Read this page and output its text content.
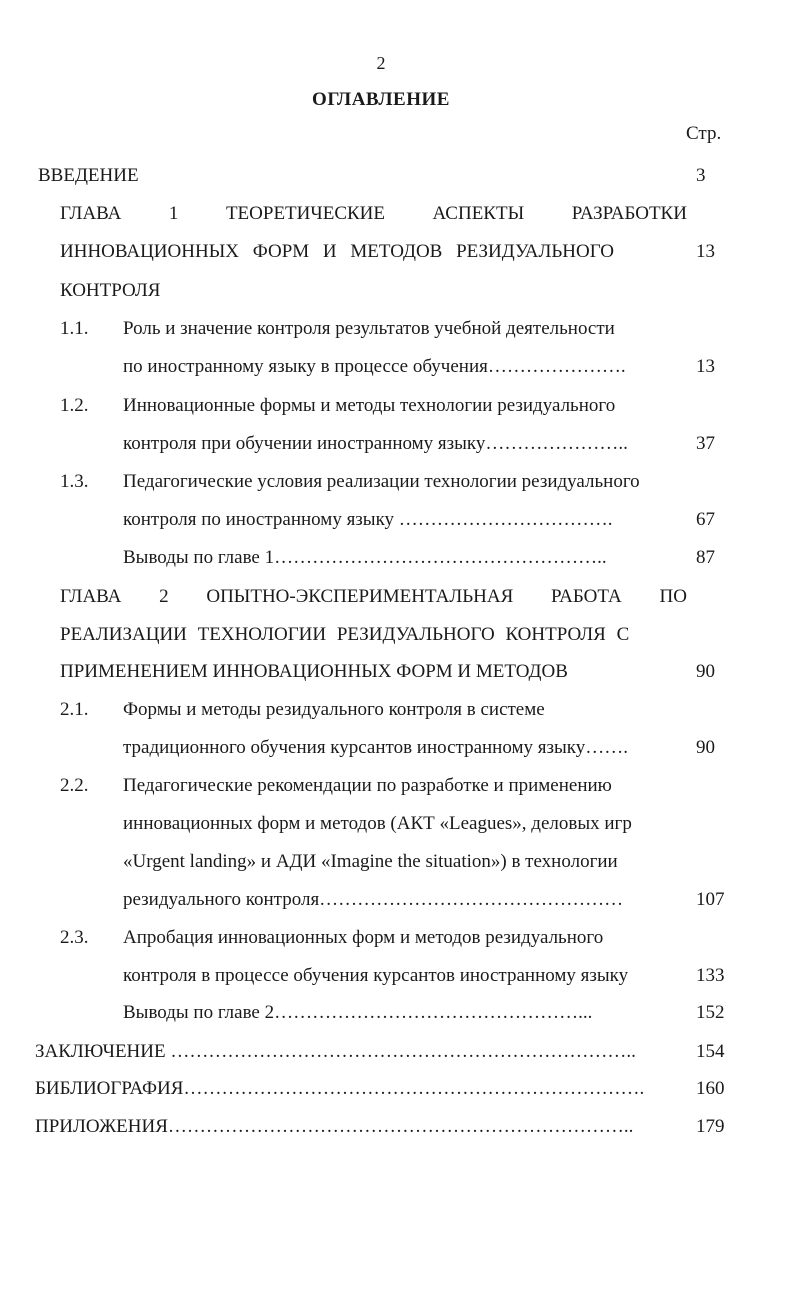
2
ОГЛАВЛЕНИЕ
Стр.
ВВЕДЕНИЕ	3
ГЛАВА	1	ТЕОРЕТИЧЕСКИЕ	АСПЕКТЫ	РАЗРАБОТКИ
ИННОВАЦИОННЫХ ФОРМ И МЕТОДОВ РЕЗИДУАЛЬНОГО
КОНТРОЛЯ
13
1.1. Роль и значение контроля результатов учебной деятельности
по иностранному языку в процессе обучения………………….	13
1.2. Инновационные формы и методы технологии резидуального
контроля при обучении иностранному языку…………………..	37
1.3. Педагогические условия реализации технологии резидуального
контроля по иностранному языку …………………………….	67
Выводы по главе 1……………………………………………..	87
ГЛАВА 2 ОПЫТНО-ЭКСПЕРИМЕНТАЛЬНАЯ РАБОТА ПО
РЕАЛИЗАЦИИ ТЕХНОЛОГИИ РЕЗИДУАЛЬНОГО КОНТРОЛЯ С
ПРИМЕНЕНИЕМ ИННОВАЦИОННЫХ ФОРМ И МЕТОДОВ	90
2.1. Формы и методы резидуального контроля в системе
традиционного обучения курсантов иностранному языку…….	90
2.2. Педагогические рекомендации по разработке и применению
инновационных форм и методов (АКТ «Leagues», деловых игр
«Urgent landing» и АДИ «Imagine the situation») в технологии
резидуального контроля…………………………………………	107
2.3. Апробация инновационных форм и методов резидуального
контроля в процессе обучения курсантов иностранному языку	133
Выводы по главе 2…………………………………………...	152
ЗАКЛЮЧЕНИЕ ………………………………………………………………..	154
БИБЛИОГРАФИЯ……………………………………………………………….	160
ПРИЛОЖЕНИЯ………………………………………………………………..	179
